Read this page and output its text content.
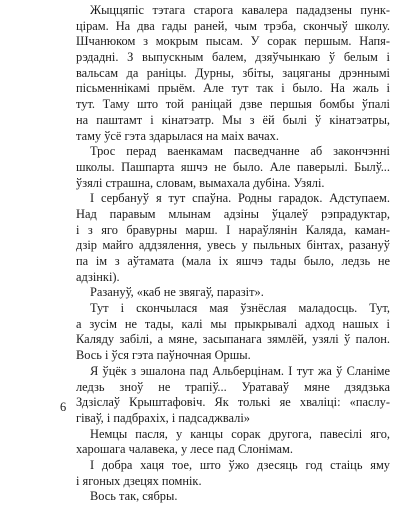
Жыццяпіс тэтага старога кавалера пададзены пунк-
цірам. На два гады раней, чым трэба, скончыў школу.
Шчанюком з мокрым пысам. У сорак першым. Напя-
рэдадні. З выпускным балем, дзяўчынкаю ў белым і
вальсам да раніцы. Дурны, збіты, зацяганы дрэннымі
пісьменнікамі прыём. Але тут так і было. На жаль і
тут. Таму што той раніцай дзве першыя бомбы ўпалі
на паштамт і кінатэатр. Мы з ёй былі ў кінатэатры,
таму ўсё гэта здарылася на маіх вачах.
Трос перад ваенкамам пасведчанне аб закончэнні
школы. Пашпарта яшчэ не было. Але паверылі. Былў...
ўзялі страшна, словам, вымахала дубіна. Узялі.
І сербануў я тут спаўна. Родны гарадок. Адступаем.
Над паравым млынам адзіны ўцалеў рэпрадуктар,
і з яго бравурны марш. І нараўлянін Каляда, каман-
дзір майго аддзялення, увесь у пыльных бінтах, разануў
па ім з аўтамата (мала іх яшчэ тады было, ледзь не
адзінкі).
Разануў, «каб не звягаў, паразіт».
Тут і скончылася мая ўзнёслая маладосць. Тут,
а зусім не тады, калі мы прыкрывалі адход нашых і
Каляду забілі, а мяне, засыпанага зямлёй, узялі ў палон.
Вось і ўся гэта паўночная Оршы.
Я ўцёк з эшалона пад Альберцінам. І тут жа ў Сланіме
ледзь зноў не трапіў... Уратаваў мяне дзядзька
Здзіслаў Крыштафовіч. Як толькі яе хваліці: «паслу-
гіваў, і падбрахіх, і падсаджвалі»
Немцы пасля, у канцы сорак другога, павесілі яго,
харошага чалавека, у лесе пад Слонімам.
І добра хаця тое, што ўжо дзесяць год стаіць яму
і ягоных дзецях помнік.
Вось так, сябры.
6
